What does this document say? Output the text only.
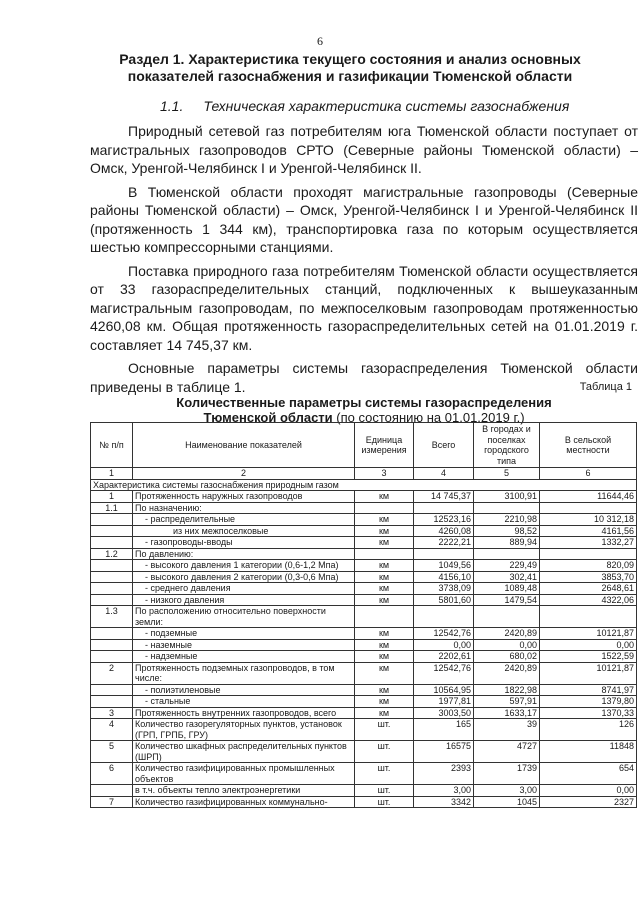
6
Раздел 1. Характеристика текущего состояния и анализ основных
показателей газоснабжения и газификации Тюменской области
1.1. Техническая характеристика системы газоснабжения

Природный сетевой газ потребителям юга Тюменской области поступает от магистральных газопроводов СРТО (Северные районы Тюменской области) – Омск, Уренгой-Челябинск I и Уренгой-Челябинск II.

В Тюменской области проходят магистральные газопроводы (Северные районы Тюменской области) – Омск, Уренгой-Челябинск I и Уренгой-Челябинск II (протяженность 1 344 км), транспортировка газа по которым осуществляется шестью компрессорными станциями.

Поставка природного газа потребителям Тюменской области осуществляется от 33 газораспределительных станций, подключенных к вышеуказанным магистральным газопроводам, по межпоселковым газопроводам протяженностью 4260,08 км. Общая протяженность газораспределительных сетей на 01.01.2019 г. составляет 14 745,37 км.

Основные параметры системы газораспределения Тюменской области приведены в таблице 1.	Таблица 1
Количественные параметры системы газораспределения
Тюменской области (по состоянию на 01.01.2019 г.)
№ п/п	Наименование показателей	Единица измерения	Всего	В городах и поселках городского типа	В сельской местности
1	2	3	4	5	6
Характеристика системы газоснабжения природным газом					
1	Протяженность наружных газопроводов	км	14 745,37	3100,91	11644,46
1.1	По назначению:				
	- распределительные	км	12523,16	2210,98	10 312,18
	из них межпоселковые	км	4260,08	98,52	4161,56
	- газопроводы-вводы	км	2222,21	889,94	1332,27
1.2	По давлению:				
	- высокого давления 1 категории (0,6-1,2 Мпа)	км	1049,56	229,49	820,09
	- высокого давления 2 категории (0,3-0,6 Мпа)	км	4156,10	302,41	3853,70
	- среднего давления	км	3738,09	1089,48	2648,61
	- низкого давления	км	5801,60	1479,54	4322,06
1.3	По расположению относительно поверхности земли:				
	- подземные	км	12542,76	2420,89	10121,87
	- наземные	км	0,00	0,00	0,00
	- надземные	км	2202,61	680,02	1522,59
2	Протяженность подземных газопроводов, в том числе:	км	12542,76	2420,89	10121,87
	- полиэтиленовые	км	10564,95	1822,98	8741,97
	- стальные	км	1977,81	597,91	1379,80
3	Протяженность внутренних газопроводов, всего	км	3003,50	1633,17	1370,33
4	Количество газорегуляторных пунктов, установок (ГРП, ГРПБ, ГРУ)	шт.	165	39	126
5	Количество шкафных распределительных пунктов (ШРП)	шт.	16575	4727	11848
6	Количество газифицированных промышленных объектов	шт.	2393	1739	654
	в т.ч. объекты тепло электроэнергетики	шт.	3,00	3,00	0,00
7	Количество газифицированных коммунально-	шт.	3342	1045	2327
